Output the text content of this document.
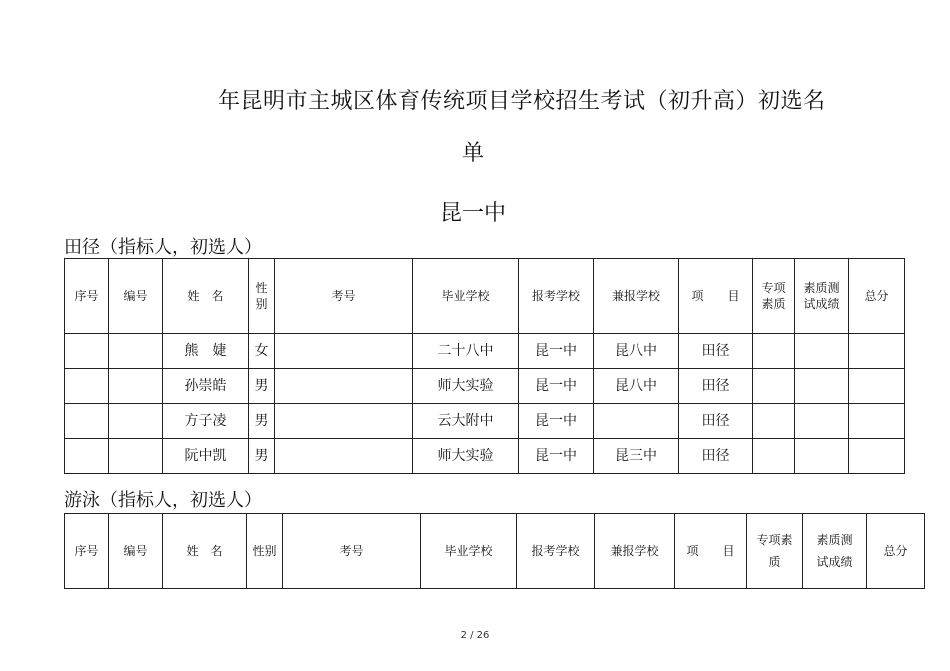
年昆明市主城区体育传统项目学校招生考试（初升高）初选名
单
昆一中
田径（指标人，初选人）
序号	编号	姓　名	性
别	考号	毕业学校	报考学校	兼报学校	项　　目	专项
素质	素质测
试成绩	总分
		熊　婕	女		二十八中	昆一中	昆八中	田径			
		孙崇皓	男		师大实验	昆一中	昆八中	田径			
		方子凌	男		云大附中	昆一中		田径			
		阮中凯	男		师大实验	昆一中	昆三中	田径			
游泳（指标人，初选人）
序号	编号	姓　名	性别	考号	毕业学校	报考学校	兼报学校	项　　目	专项素
质	素质测
试成绩	总分
2 / 26
